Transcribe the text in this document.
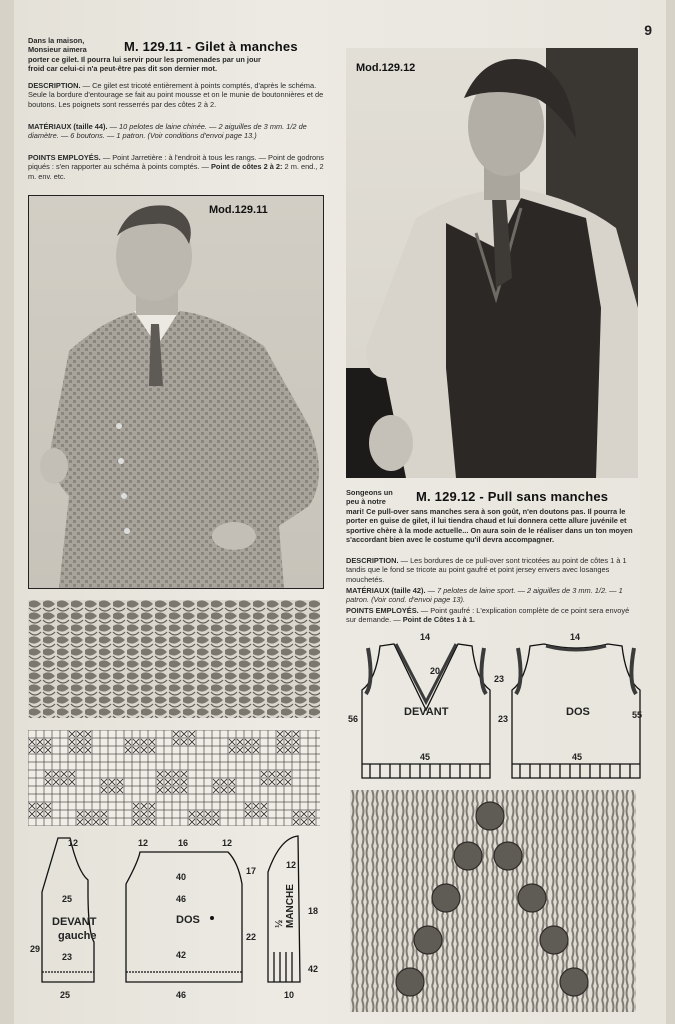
9
Dans la maison,
Monsieur aimera
porter ce gilet. Il pourra lui servir pour les promenades par un jour
froid car celui-ci n'a peut-être pas dit son dernier mot.
M. 129.11 - Gilet à manches
DESCRIPTION. — Ce gilet est tricoté entièrement à points comptés, d'après le schéma. Seule la bordure d'entourage se fait au point mousse et on le munie de boutonnières et de boutons. Les poignets sont resserrés par des côtes 2 à 2.
MATÉRIAUX (taille 44). — 10 pelotes de laine chinée. — 2 aiguilles de 3 mm. 1/2 de diamètre. — 6 boutons. — 1 patron. (Voir conditions d'envoi page 13.)
POINTS EMPLOYÉS. — Point Jarretière : à l'endroit à tous les rangs. — Point de godrons piqués : s'en rapporter au schéma à points comptés. — Point de côtes 2 à 2: 2 m. end., 2 m. env. etc.
Mod.129.11
DEVANT
gauche
DOS	½ MANCHE
12
25
29
23
25
12	12
16
40
46
42
46
22
17
12
18
42
10
Mod.129.12
Songeons un
peu à notre
mari! Ce pull-over sans manches sera à son goût, n'en doutons pas. Il pourra le porter en guise de gilet, il lui tiendra chaud et lui donnera cette allure juvénile et sportive chère à la mode actuelle... On aura soin de le réaliser dans un ton moyen s'accordant bien avec le costume qu'il devra accompagner.
M. 129.12 - Pull sans manches
DESCRIPTION. — Les bordures de ce pull-over sont tricotées au point de côtes 1 à 1 tandis que le fond se tricote au point gaufré et point jersey envers avec losanges mouchetés.
MATÉRIAUX (taille 42). — 7 pelotes de laine sport. — 2 aiguilles de 3 mm. 1/2. — 1 patron. (Voir cond. d'envoi page 13).
POINTS EMPLOYÉS. — Point gaufré : L'explication complète de ce point sera envoyé sur demande. — Point de Côtes 1 à 1.
DEVANT	DOS
14
20
23
56
45
14
23	55
45
